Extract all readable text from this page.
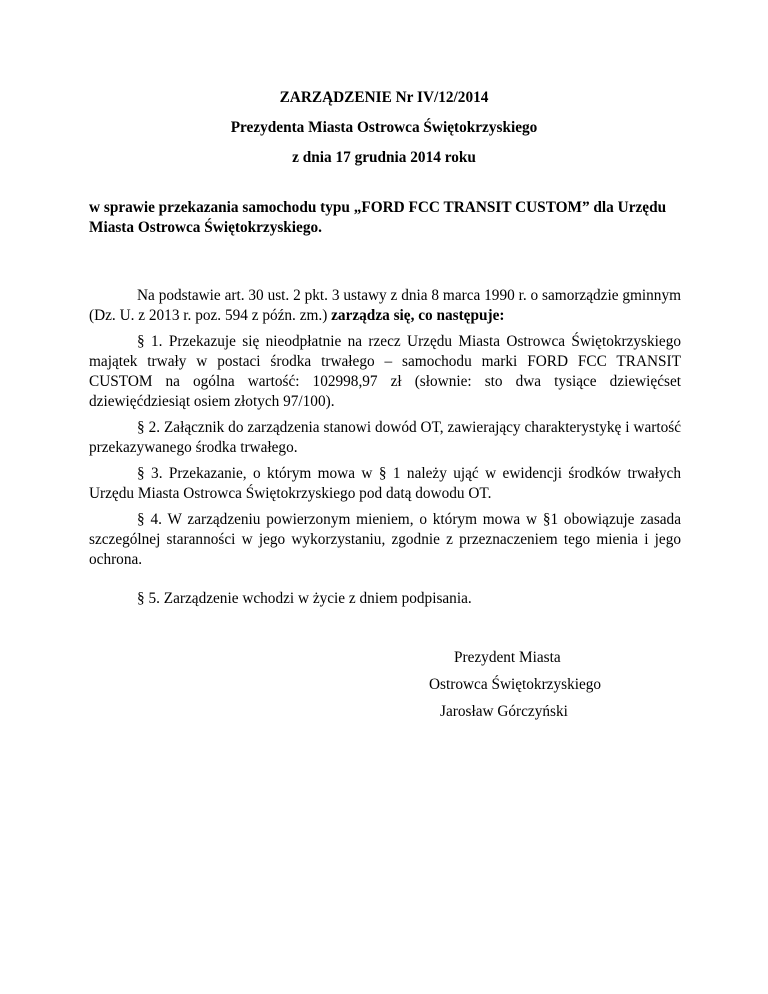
ZARZĄDZENIE Nr IV/12/2014
Prezydenta Miasta Ostrowca Świętokrzyskiego
z dnia 17 grudnia 2014 roku
w sprawie przekazania samochodu typu „FORD FCC TRANSIT CUSTOM” dla Urzędu Miasta Ostrowca Świętokrzyskiego.

Na podstawie art. 30 ust. 2 pkt. 3 ustawy z dnia 8 marca 1990 r. o samorządzie gminnym (Dz. U. z 2013 r. poz. 594 z późn. zm.) zarządza się, co następuje:

§ 1. Przekazuje się nieodpłatnie na rzecz Urzędu Miasta Ostrowca Świętokrzyskiego majątek trwały w postaci środka trwałego – samochodu marki FORD FCC TRANSIT CUSTOM na ogólna wartość: 102998,97 zł (słownie: sto dwa tysiące dziewięćset dziewięćdziesiąt osiem złotych 97/100).

§ 2. Załącznik do zarządzenia stanowi dowód OT, zawierający charakterystykę i wartość przekazywanego środka trwałego.

§ 3. Przekazanie, o którym mowa w § 1 należy ująć w ewidencji środków trwałych Urzędu Miasta Ostrowca Świętokrzyskiego pod datą dowodu OT.

§ 4. W zarządzeniu powierzonym mieniem, o którym mowa w §1 obowiązuje zasada szczególnej staranności w jego wykorzystaniu, zgodnie z przeznaczeniem tego mienia i jego ochrona.

§ 5. Zarządzenie wchodzi w życie z dniem podpisania.

Prezydent Miasta
Ostrowca Świętokrzyskiego
Jarosław Górczyński
